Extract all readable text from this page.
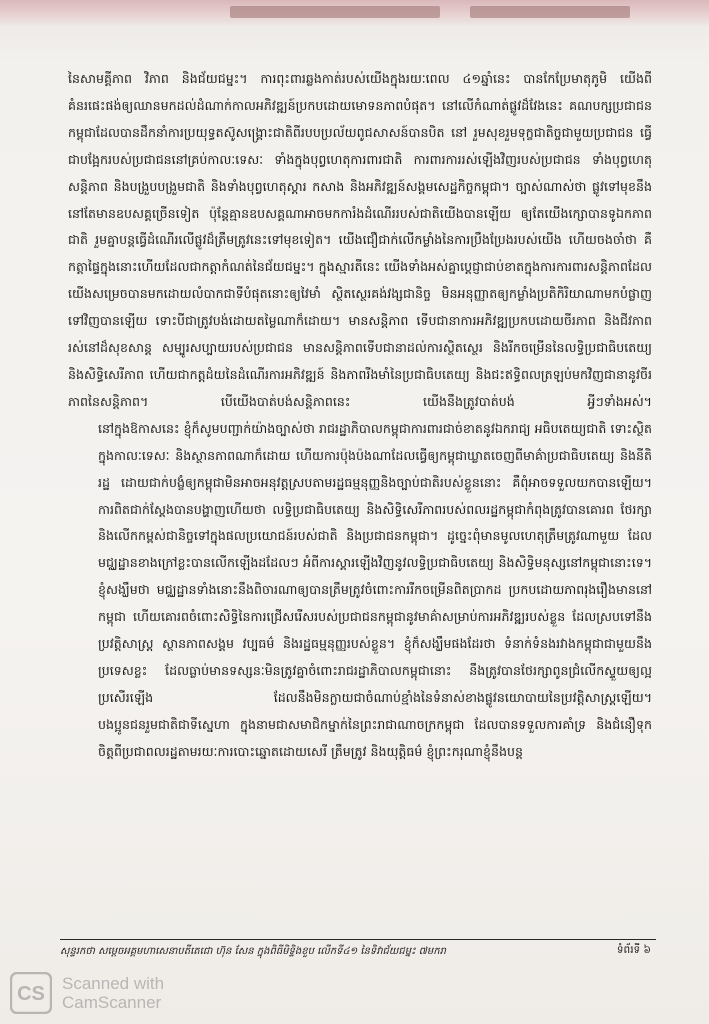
នៃសាមគ្គីភាព វិភាព និងជ័យជម្នះ។ ការពុះពារឆ្លងកាត់របស់យើងក្នុងរយៈពេល ៤១ឆ្នាំនេះ បានកែប្រែមាតុភូមិ យើងពីគំនរផេះផង់ឲ្យឈានមកដល់ដំណាក់កាលអភិវឌ្ឍន៍ប្រកបដោយមោទនភាពបំផុត។ នៅលើកំណាត់ផ្លូវដ៏វែងនេះ គណបក្សប្រជាជនកម្ពុជាដែលបានដឹកនាំការប្រយុទ្ធតស៊ូសង្គ្រោះជាតិពីរបបប្រល័យពូជសាសន៍បានបិត នៅ រួមសុខរួមទុក្ខជាតិច្ចជាមួយប្រជាជន ធ្វើជាបង្អែករបស់ប្រជាជននៅគ្រប់កាលៈទេសៈ ទាំងក្នុងបុព្វហេតុការពារជាតិ ការពារការរស់ឡើងវិញរបស់ប្រជាជន ទាំងបុព្វហេតុសន្តិភាព និងបង្រួបបង្រួមជាតិ និងទាំងបុព្វហេតុស្តារ កសាង និងអភិវឌ្ឍន៍សង្គមសេដ្ឋកិច្ចកម្ពុជា។ ច្បាស់ណាស់ថា ផ្លូវទៅមុខនឹងនៅតែមានឧបសគ្គច្រើនទៀត ប៉ុន្តែគ្មានឧបសគ្គណាអាចមកការំងដំណើររបស់ជាតិយើងបានឡើយ ឲ្យតែយើងក្សោបានទូឯកភាពជាតិ រួមគ្នាបន្តធ្វើដំណើរលើផ្លូវដ៏ត្រឹមត្រូវនេះទៅមុខទៀត។ យើងជឿជាក់លើកម្លាំងនៃការប្រឹងប្រែងរបស់យើង ហើយចងចាំថា គឺកត្តាផ្ទៃក្នុងនោះហើយដែលជាកត្តាកំណត់នៃជ័យជម្នះ។ ក្នុងស្មារតីនេះ យើងទាំងអស់គ្នាប្តេជ្ញាជាប់ខាតក្នុងការការពារសន្តិភាពដែលយើងសម្រេចបានមកដោយលំបាកជាទីបំផុតនោះឲ្យវៃមាំ ស្ថិតស្ថេរគង់វង្សជានិច្ច មិនអនុញ្ញាតឲ្យកម្លាំងប្រតិកិរិយាណាមកបំផ្លាញទៅវិញបានឡើយ ទោះបីជាត្រូវបង់ដោយតម្លៃណាក៏ដោយ។ មានសន្តិភាព ទើបជានាការអភិវឌ្ឍប្រកបដោយចីរភាព និងជីវភាពរស់នៅដ៏សុខសាន្ត សម្បូរសប្បាយរបស់ប្រជាជន មានសន្តិភាពទើបជានាដល់ការស្ថិតស្ថេរ និងរីកចម្រើននៃលទ្ធិប្រជាធិបតេយ្យ និងសិទ្ធិសេរីភាព ហើយជាកត្តដំយនៃដំណើរការអភិវឌ្ឍន៍ និងភាពរីងមាំនៃប្រជាធិបតេយ្យ និងជះឥទ្ធិពលត្រឡប់មកវិញជានានូវចីរភាពនៃសន្តិភាព។ បើយើងបាត់បង់សន្តិភាពនេះ យើងនឹងត្រូវបាត់បង់ អ្វីៗទាំងអស់។

នៅក្នុងឱកាសនេះ ខ្ញុំក៏សូមបញ្ជាក់យ៉ាងច្បាស់ថា រាជរដ្ឋាភិបាលកម្ពុជាការពារជាច់ខាតនូវឯករាជ្យ អធិបតេយ្យជាតិ ទោះស្ថិតក្នុងកាលៈទេសៈ និងស្ថានភាពណាក៏ដោយ ហើយការប៉ុងប៉ងណាដែលធ្វើឲ្យកម្ពុជាឃ្លាតចេញពីមាគ៌ាប្រជាធិបតេយ្យ និងនីតិរដ្ឋ ដោយជាក់បង្ខំឲ្យកម្ពុជាមិនអាចអនុវត្តស្របតាមរដ្ឋធម្មនុញ្ញនិងច្បាប់ជាតិរបស់ខ្លួននោះ គឺពុំអាចទទួលយកបានឡើយ។ ការពិតជាក់ស្តែងបានបង្ហាញហើយថា លទ្ធិប្រជាធិបតេយ្យ និងសិទ្ធិសេរីភាពរបស់ពលរដ្ឋកម្ពុជាកំពុងត្រូវបានគោរព ថែរក្សា និងលើកកម្ពស់ជានិច្ចទៅក្នុងផលប្រយោជន៍របស់ជាតិ និងប្រជាជនកម្ពុជា។ ដូច្នេះពុំមានមូលហេតុត្រឹមត្រូវណាមួយ ដែលមជ្ឈដ្ឋានខាងក្រៅខ្លះបានលើកឡើងដដែលៗ អំពីការស្តារឡើងវិញនូវលទ្ធិប្រជាធិបតេយ្យ និងសិទ្ធិមនុស្សនៅកម្ពុជានោះទេ។ ខ្ញុំសង្ឃឹមថា មជ្ឈដ្ឋានទាំងនោះនឹងពិចារណាឲ្យបានត្រឹមត្រូវចំពោះការរីកចម្រើនពិតប្រាកដ ប្រកបដោយភាពរុងរឿងមាននៅកម្ពុជា ហើយគោរពចំពោះសិទ្ធិនៃការជ្រើសរើសរបស់ប្រជាជនកម្ពុជានូវមាគ៌ាសម្រាប់ការអភិវឌ្ឍរបស់ខ្លួន ដែលស្របទៅនឹងប្រវត្តិសាស្ត្រ ស្ថានភាពសង្គម វប្បធម៌ និងរដ្ឋធម្មនុញ្ញរបស់ខ្លួន។ ខ្ញុំក៏សង្ឃឹមផងដែរថា ទំនាក់ទំនងរវាងកម្ពុជាជាមួយនឹងប្រទេសខ្លះ ដែលធ្លាប់មានទស្សនៈមិនត្រូវគ្នាចំពោះរាជរដ្ឋាភិបាលកម្ពុជានោះ នឹងត្រូវបានថែរក្សាពូនជ្រំលើកស្ទួយឲ្យល្អប្រសើរឡើង ដែលនឹងមិនក្លាយជាចំណាប់ខ្មាំងនៃទំនាស់ខាងផ្លូវនយោបាយនៃប្រវត្តិសាស្ត្រឡើយ។

បងប្អូនជនរួមជាតិជាទីស្នេហា ក្នុងនាមជាសមាជិកម្នាក់នៃព្រះរាជាណាចក្រកម្ពុជា ដែលបានទទួលការគាំទ្រ និងជំនឿទុកចិត្តពីប្រជាពលរដ្ឋតាមរយៈការបោះឆ្នោតដោយសេរី ត្រឹមត្រូវ និងយុត្តិធម៌ ខ្ញុំព្រះករុណាខ្ញុំនឹងបន្ត

សុន្ទរកថា សម្តេចអគ្គមហាសេនាបតីតេជោ ហ៊ុន សែន ក្នុងពិធីមិទ្ទិងខួប លើកទី៤១ នៃទិវាជ័យជម្នះ ៧មករា	ទំព័រទី ៦
CS Scanned with
CamScanner
